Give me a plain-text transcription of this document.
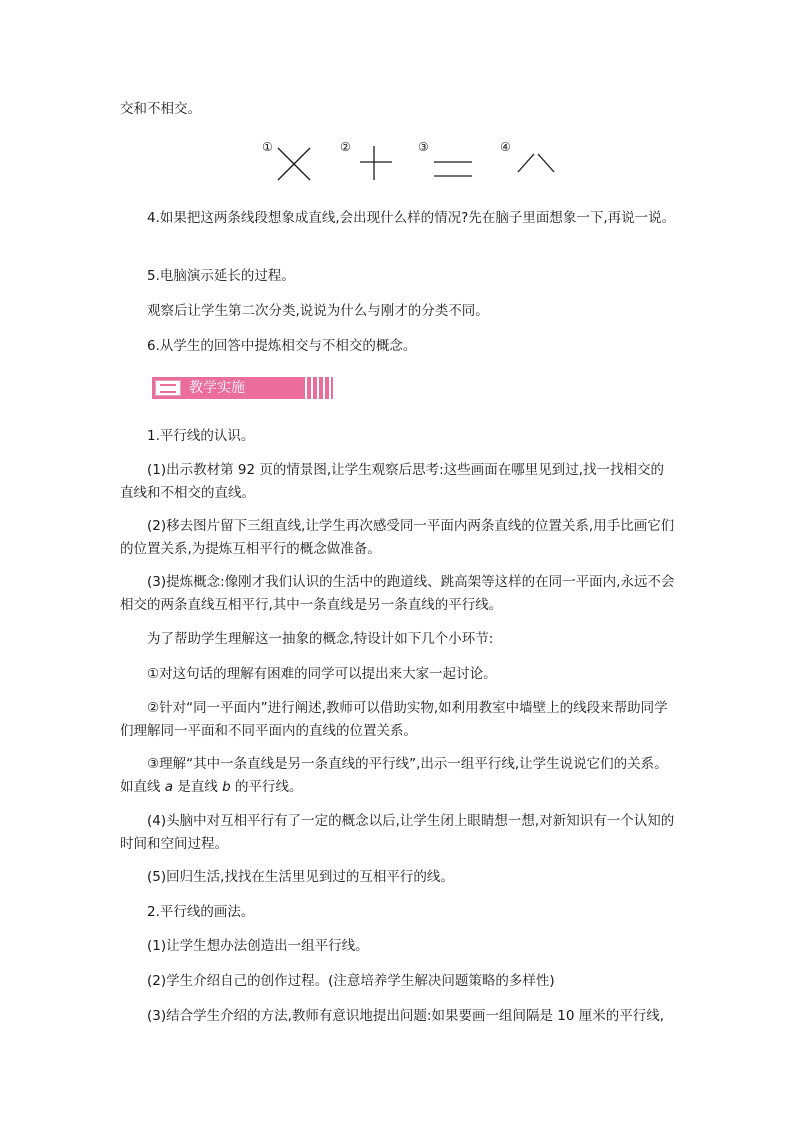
交和不相交。

①	②	③	④

4.如果把这两条线段想象成直线,会出现什么样的情况?先在脑子里面想象一下,再说一说。

5.电脑演示延长的过程。

观察后让学生第二次分类,说说为什么与刚才的分类不同。

6.从学生的回答中提炼相交与不相交的概念。

教学实施

1.平行线的认识。

(1)出示教材第 92 页的情景图,让学生观察后思考:这些画面在哪里见到过,找一找相交的直线和不相交的直线。

(2)移去图片留下三组直线,让学生再次感受同一平面内两条直线的位置关系,用手比画它们的位置关系,为提炼互相平行的概念做准备。

(3)提炼概念:像刚才我们认识的生活中的跑道线、跳高架等这样的在同一平面内,永远不会相交的两条直线互相平行,其中一条直线是另一条直线的平行线。

为了帮助学生理解这一抽象的概念,特设计如下几个小环节:

①对这句话的理解有困难的同学可以提出来大家一起讨论。

②针对“同一平面内”进行阐述,教师可以借助实物,如利用教室中墙壁上的线段来帮助同学们理解同一平面和不同平面内的直线的位置关系。

③理解“其中一条直线是另一条直线的平行线”,出示一组平行线,让学生说说它们的关系。如直线 a 是直线 b 的平行线。

(4)头脑中对互相平行有了一定的概念以后,让学生闭上眼睛想一想,对新知识有一个认知的时间和空间过程。

(5)回归生活,找找在生活里见到过的互相平行的线。

2.平行线的画法。

(1)让学生想办法创造出一组平行线。

(2)学生介绍自己的创作过程。(注意培养学生解决问题策略的多样性)

(3)结合学生介绍的方法,教师有意识地提出问题:如果要画一组间隔是 10 厘米的平行线,
